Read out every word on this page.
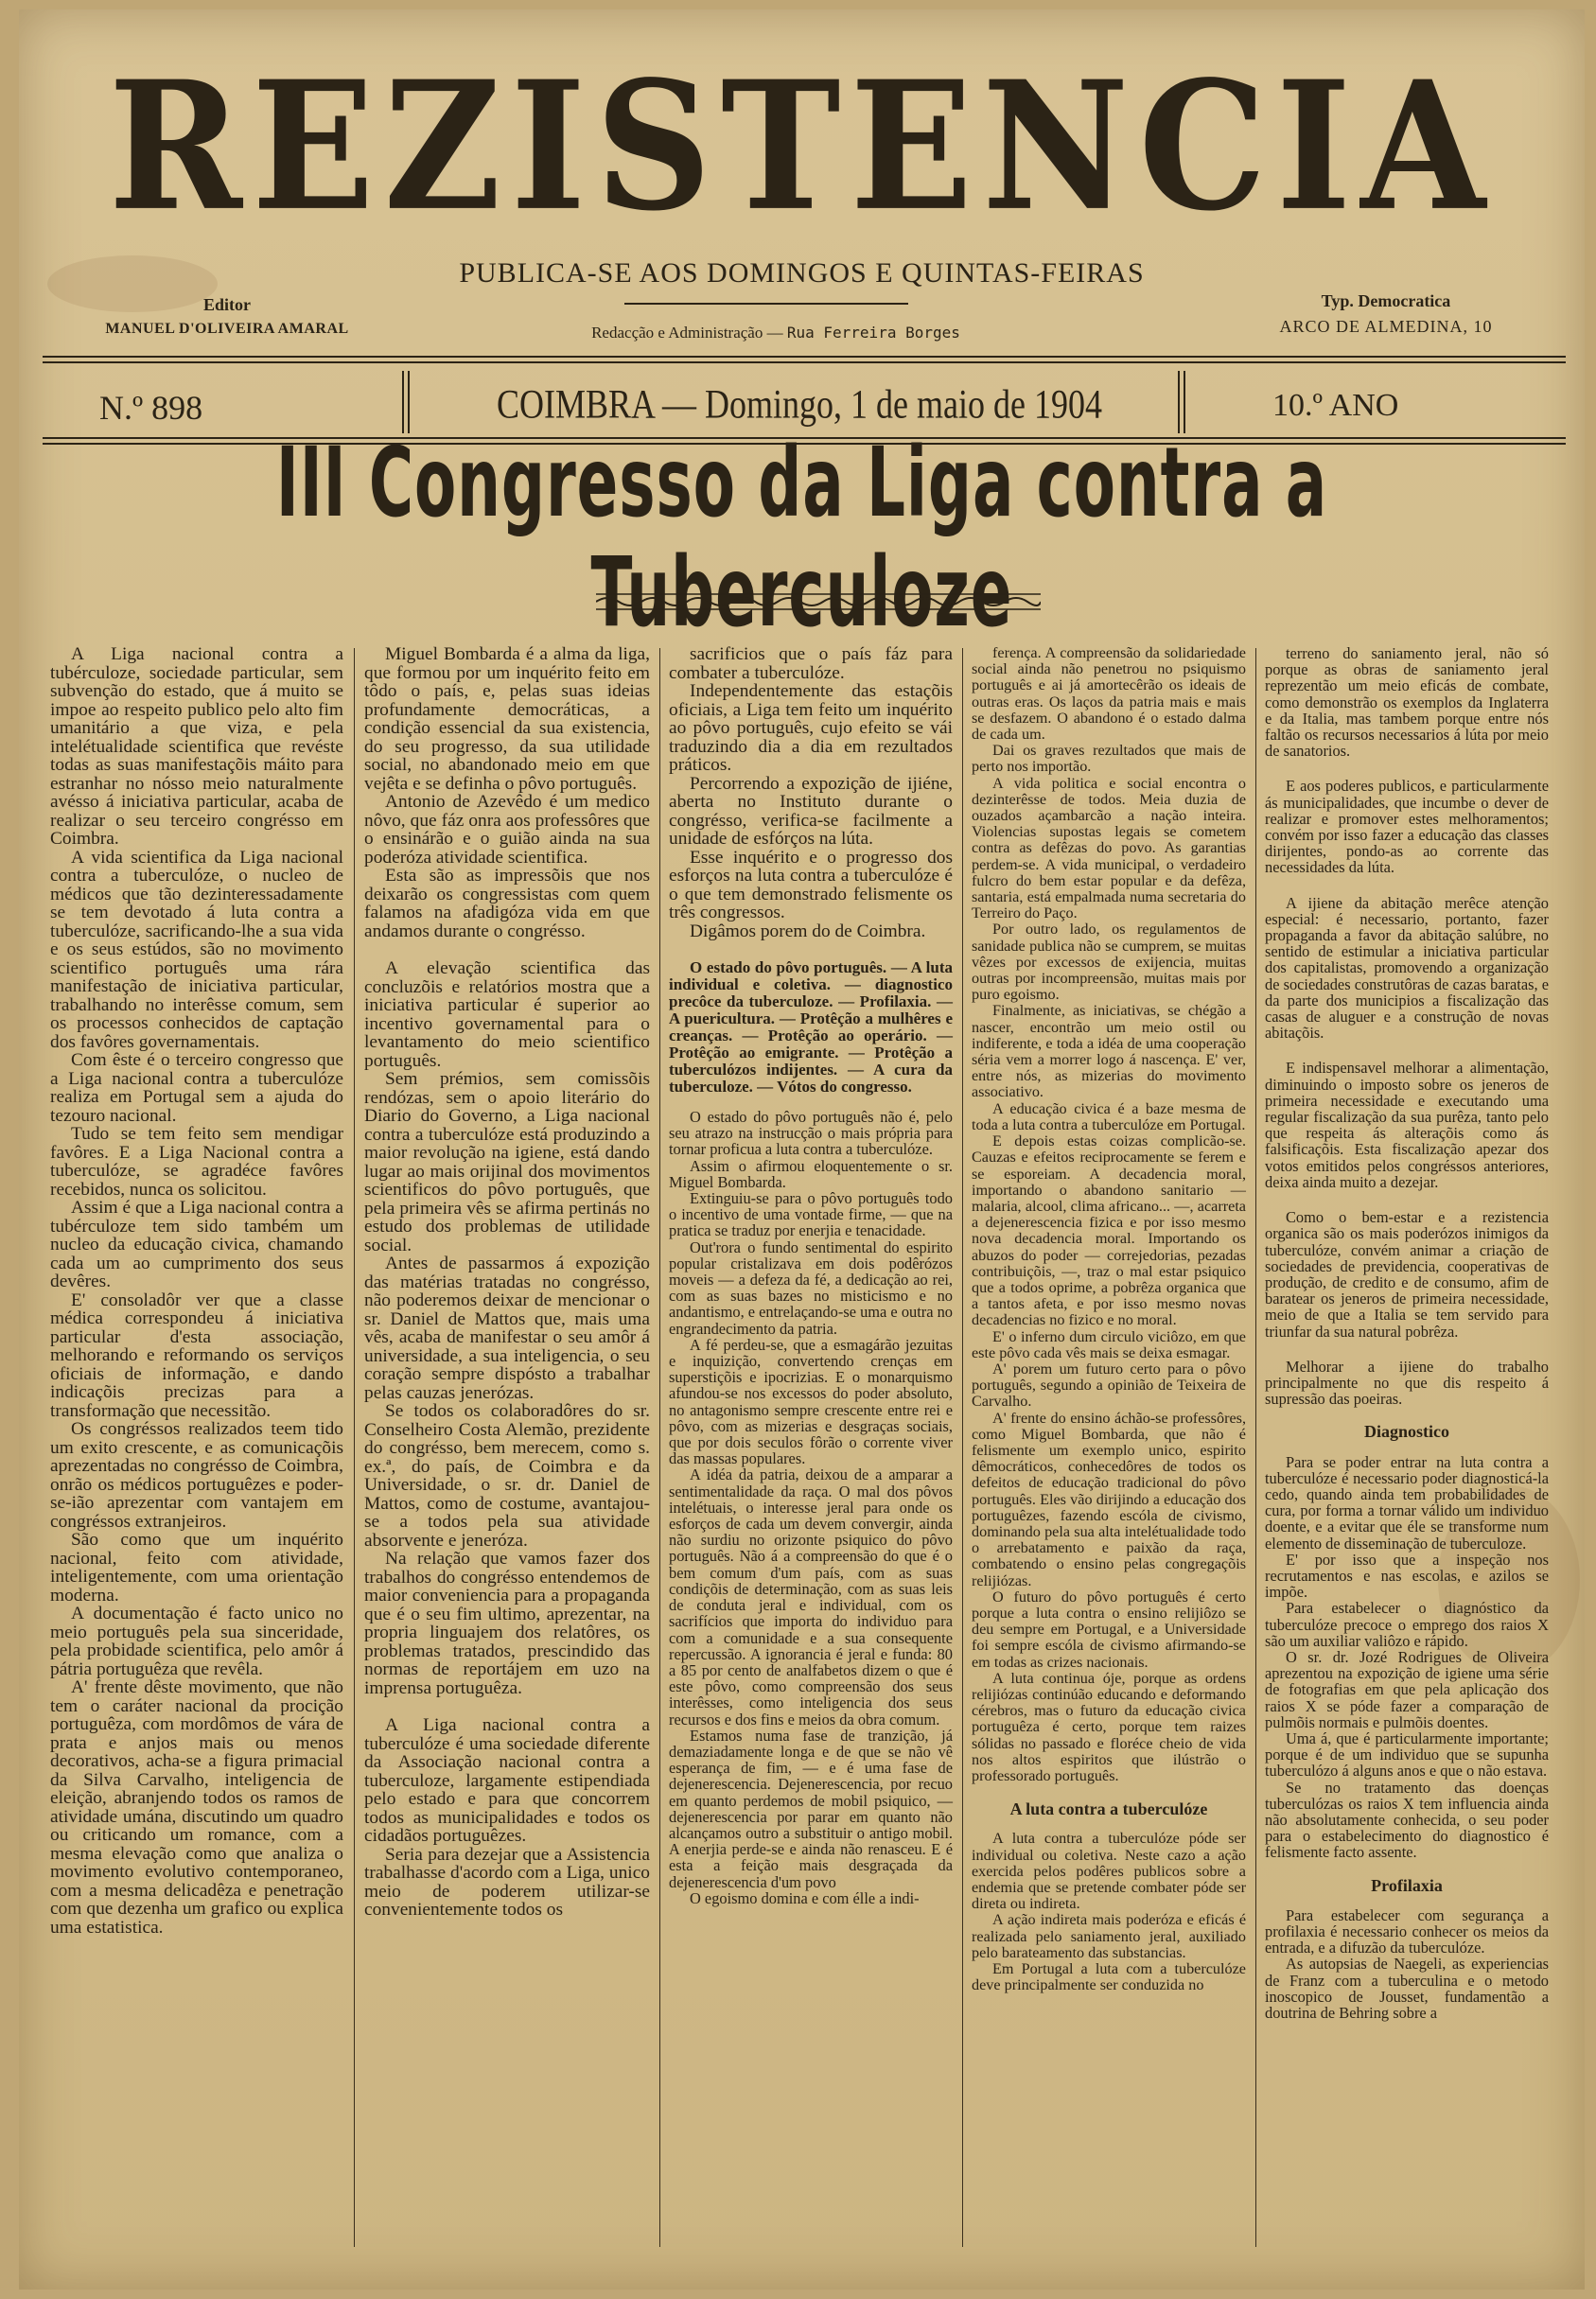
REZISTENCIA
PUBLICA-SE AOS DOMINGOS E QUINTAS-FEIRAS
Editor
MANUEL D'OLIVEIRA AMARAL	Redacção e Administração — Rua Ferreira Borges
Typ. Democratica
ARCO DE ALMEDINA, 10
N.º 898	COIMBRA — Domingo, 1 de maio de 1904	10.º ANO
III Congresso da Liga contra a Tuberculoze

A Liga nacional contra a tubérculoze, sociedade particular, sem subvenção do estado, que á muito se impoe ao respeito publico pelo alto fim umanitário a que viza, e pela intelétualidade scientifica que revéste todas as suas manifestaçõis máito para estranhar no nósso meio naturalmente avésso á iniciativa particular, acaba de realizar o seu terceiro congrésso em Coimbra.

A vida scientifica da Liga nacional contra a tuberculóze, o nucleo de médicos que tão dezinteressadamente se tem devotado á luta contra a tuberculóze, sacrificando-lhe a sua vida e os seus estúdos, são no movimento scientifico português uma rára manifestação de iniciativa particular, trabalhando no interêsse comum, sem os processos conhecidos de captação dos favôres governamentais.

Com êste é o terceiro congresso que a Liga nacional contra a tuberculóze realiza em Portugal sem a ajuda do tezouro nacional.

Tudo se tem feito sem mendigar favôres. E a Liga Nacional contra a tuberculóze, se agradéce favôres recebidos, nunca os solicitou.

Assim é que a Liga nacional contra a tubérculoze tem sido também um nucleo da educação civica, chamando cada um ao cumprimento dos seus devêres.

E' consoladôr ver que a classe médica correspondeu á iniciativa particular d'esta associação, melhorando e reformando os serviços oficiais de informação, e dando indicaçõis precizas para a transformação que necessitão.

Os congréssos realizados teem tido um exito crescente, e as comunicaçõis aprezentadas no congrésso de Coimbra, onrão os médicos portuguêzes e poder-se-ião aprezentar com vantajem em congréssos extranjeiros.

São como que um inquérito nacional, feito com atividade, inteligentemente, com uma orientação moderna.

A documentação é facto unico no meio português pela sua sinceridade, pela probidade scientifica, pelo amôr á pátria portuguêza que revêla.

A' frente dêste movimento, que não tem o caráter nacional da procição portuguêza, com mordômos de vára de prata e anjos mais ou menos decorativos, acha-se a figura primacial da Silva Carvalho, inteligencia de eleição, abranjendo todos os ramos de atividade umána, discutindo um quadro ou criticando um romance, com a mesma elevação como que analiza o movimento evolutivo contemporaneo, com a mesma delicadêza e penetração com que dezenha um grafico ou explica uma estatistica.

Miguel Bombarda é a alma da liga, que formou por um inquérito feito em tôdo o país, e, pelas suas ideias profundamente democráticas, a condição essencial da sua existencia, do seu progresso, da sua utilidade social, no abandonado meio em que vejêta e se definha o pôvo português.

Antonio de Azevêdo é um medico nôvo, que fáz onra aos professôres que o ensinárão e o guião ainda na sua poderóza atividade scientifica.

Esta são as impressõis que nos deixarão os congressistas com quem falamos na afadigóza vida em que andamos durante o congrésso.

A elevação scientifica das concluzõis e relatórios mostra que a iniciativa particular é superior ao incentivo governamental para o levantamento do meio scientifico português.

Sem prémios, sem comissõis rendózas, sem o apoio literário do Diario do Governo, a Liga nacional contra a tuberculóze está produzindo a maior revolução na igiene, está dando lugar ao mais orijinal dos movimentos scientificos do pôvo português, que pela primeira vês se afirma pertinás no estudo dos problemas de utilidade social.

Antes de passarmos á expozição das matérias tratadas no congrésso, não poderemos deixar de mencionar o sr. Daniel de Mattos que, mais uma vês, acaba de manifestar o seu amôr á universidade, a sua inteligencia, o seu coração sempre dispósto a trabalhar pelas cauzas jenerózas.

Se todos os colaboradôres do sr. Conselheiro Costa Alemão, prezidente do congrésso, bem merecem, como s. ex.ª, do país, de Coimbra e da Universidade, o sr. dr. Daniel de Mattos, como de costume, avantajou-se a todos pela sua atividade absorvente e jeneróza.

Na relação que vamos fazer dos trabalhos do congrésso entendemos de maior conveniencia para a propaganda que é o seu fim ultimo, aprezentar, na propria linguajem dos relatôres, os problemas tratados, prescindido das normas de reportájem em uzo na imprensa portuguêza.

A Liga nacional contra a tuberculóze é uma sociedade diferente da Associação nacional contra a tuberculoze, largamente estipendiada pelo estado e para que concorrem todos as municipalidades e todos os cidadãos portuguêzes.

Seria para dezejar que a Assistencia trabalhasse d'acordo com a Liga, unico meio de poderem utilizar-se convenientemente todos os

sacrificios que o país fáz para combater a tuberculóze.

Independentemente das estaçõis oficiais, a Liga tem feito um inquérito ao pôvo português, cujo efeito se vái traduzindo dia a dia em rezultados práticos.

Percorrendo a expozição de ijiéne, aberta no Instituto durante o congrésso, verifica-se facilmente a unidade de esfórços na lúta.

Esse inquérito e o progresso dos esforços na luta contra a tuberculóze é o que tem demonstrado felismente os três congressos.

Digâmos porem do de Coimbra.

O estado do pôvo português. — A luta individual e coletiva. — diagnostico precôce da tuberculoze. — Profilaxia. — A puericultura. — Protêção a mulhêres e creanças. — Protêção ao operário. — Protêção ao emigrante. — Protêção a tuberculózos indijentes. — A cura da tuberculoze. — Vótos do congresso.

O estado do pôvo português não é, pelo seu atrazo na instrucção o mais própria para tornar proficua a luta contra a tuberculóze.

Assim o afirmou eloquentemente o sr. Miguel Bombarda.

Extinguiu-se para o pôvo português todo o incentivo de uma vontade firme, — que na pratica se traduz por enerjia e tenacidade.

Out'rora o fundo sentimental do espirito popular cristalizava em dois podêrózos moveis — a defeza da fé, a dedicação ao rei, com as suas bazes no misticismo e no andantismo, e entrelaçando-se uma e outra no engrandecimento da patria.

A fé perdeu-se, que a esmagárão jezuitas e inquizição, convertendo crenças em superstiçõis e ipocrizias. E o monarquismo afundou-se nos excessos do poder absoluto, no antagonismo sempre crescente entre rei e pôvo, com as mizerias e desgraças sociais, que por dois seculos fôrão o corrente viver das massas populares.

A idéa da patria, deixou de a amparar a sentimentalidade da raça. O mal dos pôvos intelétuais, o interesse jeral para onde os esforços de cada um devem convergir, ainda não surdiu no orizonte psiquico do pôvo português. Não á a compreensão do que é o bem comum d'um país, com as suas condiçõis de determinação, com as suas leis de conduta jeral e individual, com os sacrifícios que importa do individuo para com a comunidade e a sua consequente repercussão. A ignorancia é jeral e funda: 80 a 85 por cento de analfabetos dizem o que é este pôvo, como compreensão dos seus interêsses, como inteligencia dos seus recursos e dos fins e meios da obra comum.

Estamos numa fase de tranzição, já demaziadamente longa e de que se não vê esperança de fim, — e é uma fase de dejenerescencia. Dejenerescencia, por recuo em quanto perdemos de mobil psiquico, — dejenerescencia por parar em quanto não alcançamos outro a substituir o antigo mobil. A enerjia perde-se e ainda não renasceu. E é esta a feição mais desgraçada da dejenerescencia d'um povo

O egoismo domina e com élle a indi-

ferença. A compreensão da solidariedade social ainda não penetrou no psiquismo português e ai já amortecêrão os ideais de outras eras. Os laços da patria mais e mais se desfazem. O abandono é o estado dalma de cada um.

Dai os graves rezultados que mais de perto nos importão.

A vida politica e social encontra o dezinterêsse de todos. Meia duzia de ouzados açambarcão a nação inteira. Violencias supostas legais se cometem contra as defêzas do povo. As garantias perdem-se. A vida municipal, o verdadeiro fulcro do bem estar popular e da defêza, santaria, está empalmada numa secretaria do Terreiro do Paço.

Por outro lado, os regulamentos de sanidade publica não se cumprem, se muitas vêzes por excessos de exijencia, muitas outras por incompreensão, muitas mais por puro egoismo.

Finalmente, as iniciativas, se chégão a nascer, encontrão um meio ostil ou indiferente, e toda a idéa de uma cooperação séria vem a morrer logo á nascença. E' ver, entre nós, as mizerias do movimento associativo.

A educação civica é a baze mesma de toda a luta contra a tuberculóze em Portugal.

E depois estas coizas complicão-se. Cauzas e efeitos reciprocamente se ferem e se esporeiam. A decadencia moral, importando o abandono sanitario — malaria, alcool, clima africano... —, acarreta a dejenerescencia fizica e por isso mesmo nova decadencia moral. Importando os abuzos do poder — correjedorias, pezadas contribuiçõis, —, traz o mal estar psiquico que a todos oprime, a pobrêza organica que a tantos afeta, e por isso mesmo novas decadencias no fizico e no moral.

E' o inferno dum circulo viciôzo, em que este pôvo cada vês mais se deixa esmagar.

A' porem um futuro certo para o pôvo português, segundo a opinião de Teixeira de Carvalho.

A' frente do ensino áchão-se professôres, como Miguel Bombarda, que não é felismente um exemplo unico, espirito dêmocráticos, conhecedôres de todos os defeitos de educação tradicional do pôvo português. Eles vão dirijindo a educação dos portuguêzes, fazendo escóla de civismo, dominando pela sua alta intelétualidade todo o arrebatamento e paixão da raça, combatendo o ensino pelas congregaçõis relijiózas.

O futuro do pôvo português é certo porque a luta contra o ensino relijiôzo se deu sempre em Portugal, e a Universidade foi sempre escóla de civismo afirmando-se em todas as crizes nacionais.

A luta continua óje, porque as ordens relijiózas continúão educando e deformando cérebros, mas o futuro da educação civica portuguêza é certo, porque tem raizes sólidas no passado e floréce cheio de vida nos altos espiritos que ilústrão o professorado português.

A luta contra a tuberculóze

A luta contra a tuberculóze póde ser individual ou coletiva. Neste cazo a ação exercida pelos podêres publicos sobre a endemia que se pretende combater póde ser direta ou indireta.

A ação indireta mais poderóza e eficás é realizada pelo saniamento jeral, auxiliado pelo barateamento das substancias.

Em Portugal a luta com a tuberculóze deve principalmente ser conduzida no

terreno do saniamento jeral, não só porque as obras de saniamento jeral reprezentão um meio eficás de combate, como demonstrão os exemplos da Inglaterra e da Italia, mas tambem porque entre nós faltão os recursos necessarios á lúta por meio de sanatorios.

E aos poderes publicos, e particularmente ás municipalidades, que incumbe o dever de realizar e promover estes melhoramentos; convém por isso fazer a educação das classes dirijentes, pondo-as ao corrente das necessidades da lúta.

A ijiene da abitação merêce atenção especial: é necessario, portanto, fazer propaganda a favor da abitação salúbre, no sentido de estimular a iniciativa particular dos capitalistas, promovendo a organização de sociedades construtôras de cazas baratas, e da parte dos municipios a fiscalização das casas de aluguer e a construção de novas abitaçõis.

E indispensavel melhorar a alimentação, diminuindo o imposto sobre os jeneros de primeira necessidade e executando uma regular fiscalização da sua purêza, tanto pelo que respeita ás alteraçõis como ás falsificaçõis. Esta fiscalização apezar dos votos emitidos pelos congréssos anteriores, deixa ainda muito a dezejar.

Como o bem-estar e a rezistencia organica são os mais poderózos inimigos da tuberculóze, convém animar a criação de sociedades de previdencia, cooperativas de produção, de credito e de consumo, afim de baratear os jeneros de primeira necessidade, meio de que a Italia se tem servido para triunfar da sua natural pobrêza.

Melhorar a ijiene do trabalho principalmente no que dis respeito á supressão das poeiras.

Diagnostico

Para se poder entrar na luta contra a tuberculóze é necessario poder diagnosticá-la cedo, quando ainda tem probabilidades de cura, por forma a tornar válido um individuo doente, e a evitar que éle se transforme num elemento de disseminação de tuberculoze.

E' por isso que a inspeção nos recrutamentos e nas escolas, e azilos se impõe.

Para estabelecer o diagnóstico da tuberculóze precoce o emprego dos raios X são um auxiliar valiôzo e rápido.

O sr. dr. Jozé Rodrigues de Oliveira aprezentou na expozição de igiene uma série de fotografias em que pela aplicação dos raios X se póde fazer a comparação de pulmõis normais e pulmõis doentes.

Uma á, que é particularmente importante; porque é de um individuo que se supunha tuberculózo á alguns anos e que o não estava.

Se no tratamento das doenças tuberculózas os raios X tem influencia ainda não absolutamente conhecida, o seu poder para o estabelecimento do diagnostico é felismente facto assente.

Profilaxia

Para estabelecer com segurança a profilaxia é necessario conhecer os meios da entrada, e a difuzão da tuberculóze.

As autopsias de Naegeli, as experiencias de Franz com a tuberculina e o metodo inoscopico de Jousset, fundamentão a doutrina de Behring sobre a
